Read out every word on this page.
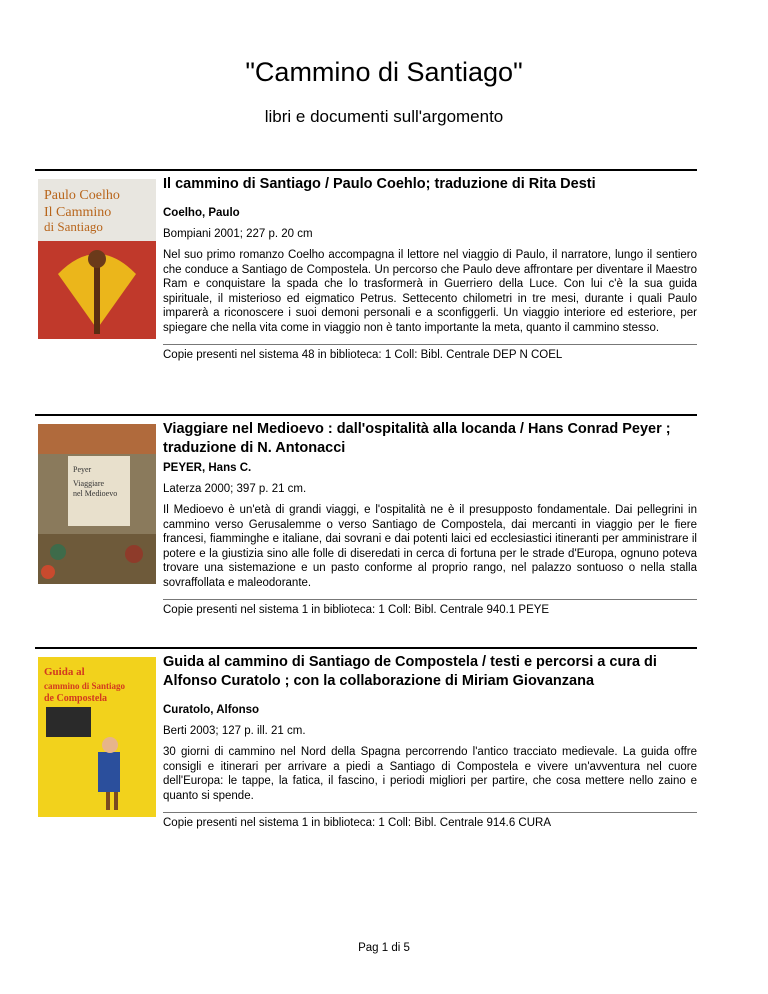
"Cammino di Santiago"
libri e documenti sull'argomento
Paulo Coelho
Il Cammino
di Santiago

Il cammino di Santiago / Paulo Coehlo; traduzione di Rita Desti

Coelho, Paulo

Bompiani 2001; 227 p. 20 cm

Nel suo primo romanzo Coelho accompagna il lettore nel viaggio di Paulo, il narratore, lungo il sentiero che conduce a Santiago de Compostela. Un percorso che Paulo deve affrontare per diventare il Maestro Ram e conquistare la spada che lo trasformerà in Guerriero della Luce. Con lui c'è la sua guida spirituale, il misterioso ed eigmatico Petrus. Settecento chilometri in tre mesi, durante i quali Paulo imparerà a riconoscere i suoi demoni personali e a sconfiggerli. Un viaggio interiore ed esteriore, per spiegare che nella vita come in viaggio non è tanto importante la meta, quanto il cammino stesso.

Copie presenti nel sistema 48 in biblioteca: 1 Coll: Bibl. Centrale DEP N COEL

Peyer
Viaggiare
nel Medioevo

Viaggiare nel Medioevo : dall'ospitalità alla locanda / Hans Conrad Peyer ; traduzione di N. Antonacci

PEYER, Hans C.

Laterza 2000; 397 p. 21 cm.

Il Medioevo è un'età di grandi viaggi, e l'ospitalità ne è il presupposto fondamentale. Dai pellegrini in cammino verso Gerusalemme o verso Santiago de Compostela, dai mercanti in viaggio per le fiere francesi, fiamminghe e italiane, dai sovrani e dai potenti laici ed ecclesiastici itineranti per amministrare il potere e la giustizia sino alle folle di diseredati in cerca di fortuna per le strade d'Europa, ognuno poteva trovare una sistemazione e un pasto conforme al proprio rango, nel palazzo sontuoso o nella stalla sovraffollata e maleodorante.

Copie presenti nel sistema 1 in biblioteca: 1 Coll: Bibl. Centrale 940.1 PEYE

Guida al
cammino di Santiago
de Compostela

Guida al cammino di Santiago de Compostela / testi e percorsi a cura di Alfonso Curatolo ; con la collaborazione di Miriam Giovanzana

Curatolo, Alfonso

Berti 2003; 127 p. ill. 21 cm.

30 giorni di cammino nel Nord della Spagna percorrendo l'antico tracciato medievale. La guida offre consigli e itinerari per arrivare a piedi a Santiago di Compostela e vivere un'avventura nel cuore dell'Europa: le tappe, la fatica, il fascino, i periodi migliori per partire, che cosa mettere nello zaino e quanto si spende.

Copie presenti nel sistema 1 in biblioteca: 1 Coll: Bibl. Centrale 914.6 CURA

Pag 1 di 5
